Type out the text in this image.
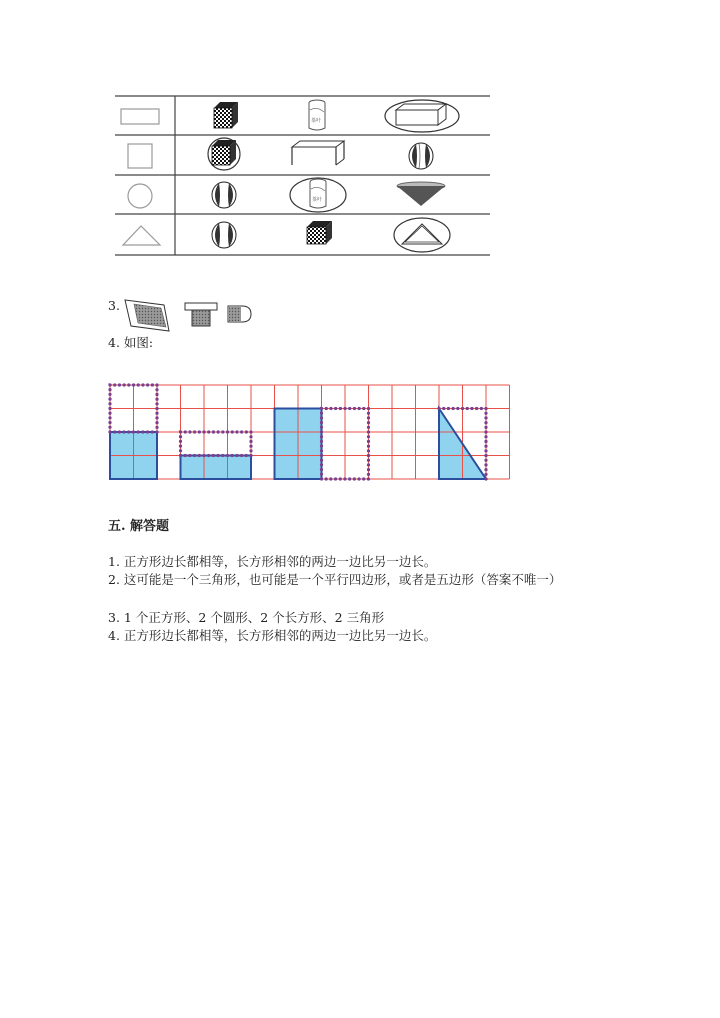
茶叶
茶叶
3.
4. 如图:
五. 解答题
1. 正方形边长都相等，长方形相邻的两边一边比另一边长。
2. 这可能是一个三角形，也可能是一个平行四边形，或者是五边形（答案不唯一）
3. 1 个正方形、2 个圆形、2 个长方形、2 三角形
4. 正方形边长都相等，长方形相邻的两边一边比另一边长。
